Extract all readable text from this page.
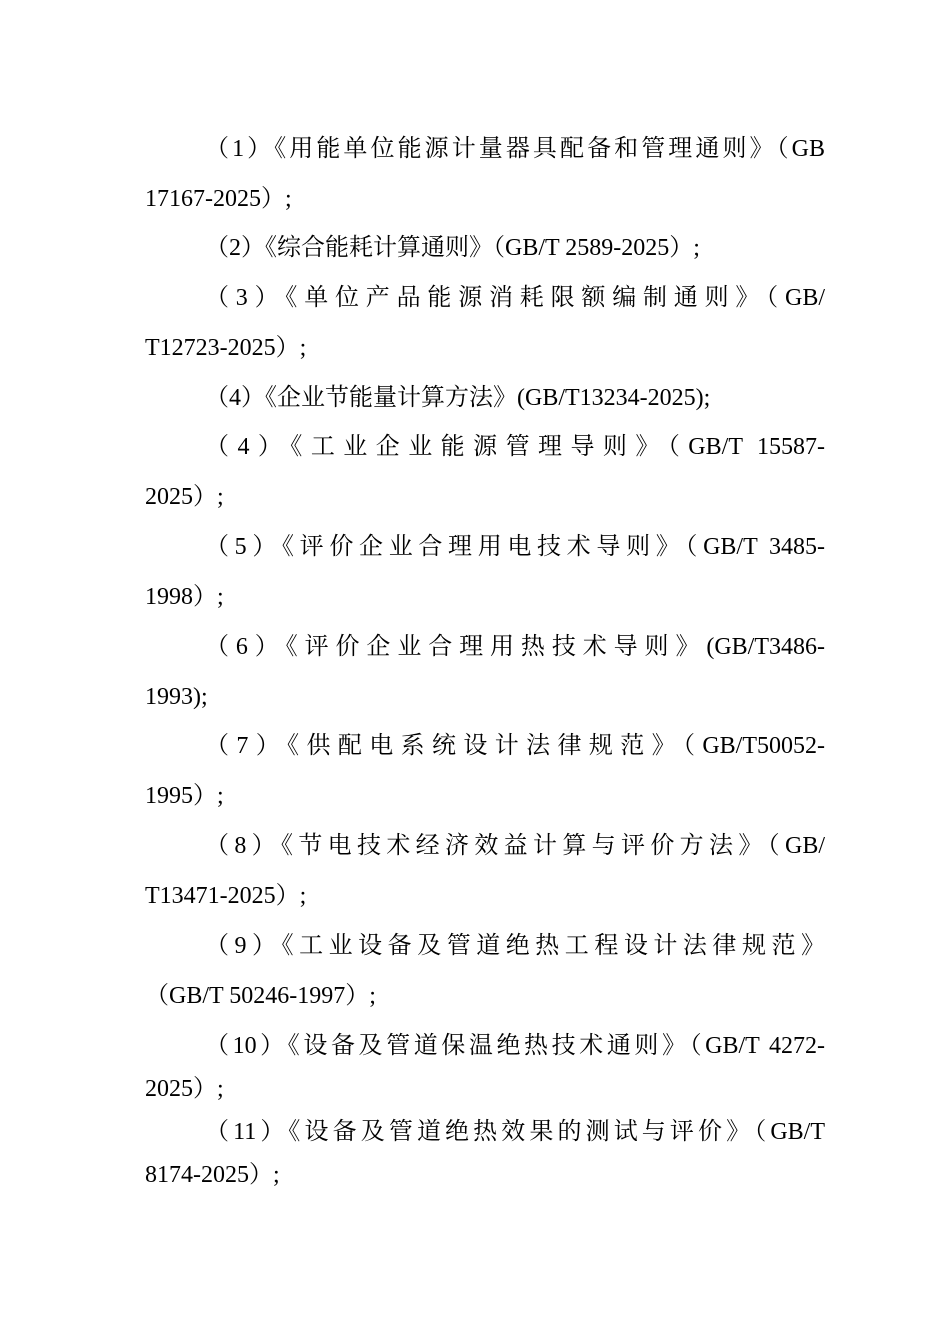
（1）《用能单位能源计量器具配备和管理通则》（GB
17167-2025）;
（2）《综合能耗计算通则》（GB/T 2589-2025）;
（3）《单位产品能源消耗限额编制通则》（GB/
T12723-2025）;
（4）《企业节能量计算方法》(GB/T13234-2025);
（4）《工业企业能源管理导则》（GB/T 15587-
2025）;
（5）《评价企业合理用电技术导则》（GB/T 3485-
1998）;
（6）《评价企业合理用热技术导则》(GB/T3486-
1993);
（7）《供配电系统设计法律规范》（GB/T50052-
1995）;
（8）《节电技术经济效益计算与评价方法》（GB/
T13471-2025）;
（9）《工业设备及管道绝热工程设计法律规范》
（GB/T 50246-1997）;
（10）《设备及管道保温绝热技术通则》（GB/T 4272-
2025）;
（11）《设备及管道绝热效果的测试与评价》（GB/T
8174-2025）;
